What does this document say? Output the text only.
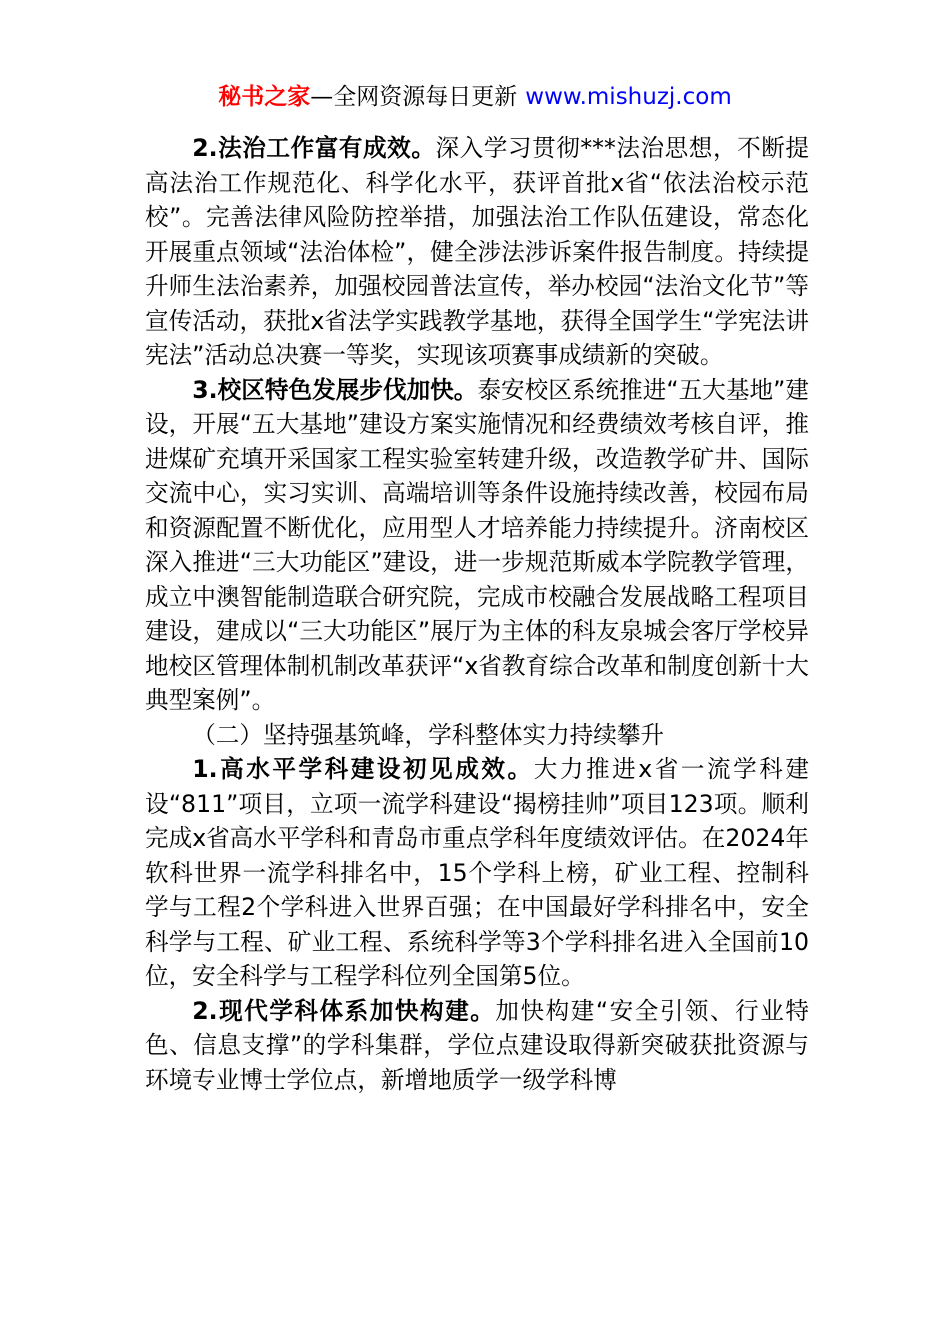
秘书之家—全网资源每日更新 www.mishuzj.com

2.法治工作富有成效。深入学习贯彻***法治思想，不断提高法治工作规范化、科学化水平，获评首批x省“依法治校示范校”。完善法律风险防控举措，加强法治工作队伍建设，常态化开展重点领域“法治体检”，健全涉法涉诉案件报告制度。持续提升师生法治素养，加强校园普法宣传，举办校园“法治文化节”等宣传活动，获批x省法学实践教学基地，获得全国学生“学宪法讲宪法”活动总决赛一等奖，实现该项赛事成绩新的突破。

3.校区特色发展步伐加快。泰安校区系统推进“五大基地”建设，开展“五大基地”建设方案实施情况和经费绩效考核自评，推进煤矿充填开采国家工程实验室转建升级，改造教学矿井、国际交流中心，实习实训、高端培训等条件设施持续改善，校园布局和资源配置不断优化，应用型人才培养能力持续提升。济南校区深入推进“三大功能区”建设，进一步规范斯威本学院教学管理，成立中澳智能制造联合研究院，完成市校融合发展战略工程项目建设，建成以“三大功能区”展厅为主体的科友泉城会客厅学校异地校区管理体制机制改革获评“x省教育综合改革和制度创新十大典型案例”。

（二）坚持强基筑峰，学科整体实力持续攀升

1.高水平学科建设初见成效。大力推进x省一流学科建设“811”项目，立项一流学科建设“揭榜挂帅”项目123项。顺利完成x省高水平学科和青岛市重点学科年度绩效评估。在2024年软科世界一流学科排名中，15个学科上榜，矿业工程、控制科学与工程2个学科进入世界百强；在中国最好学科排名中，安全科学与工程、矿业工程、系统科学等3个学科排名进入全国前10位，安全科学与工程学科位列全国第5位。

2.现代学科体系加快构建。加快构建“安全引领、行业特色、信息支撑”的学科集群，学位点建设取得新突破获批资源与环境专业博士学位点，新增地质学一级学科博
